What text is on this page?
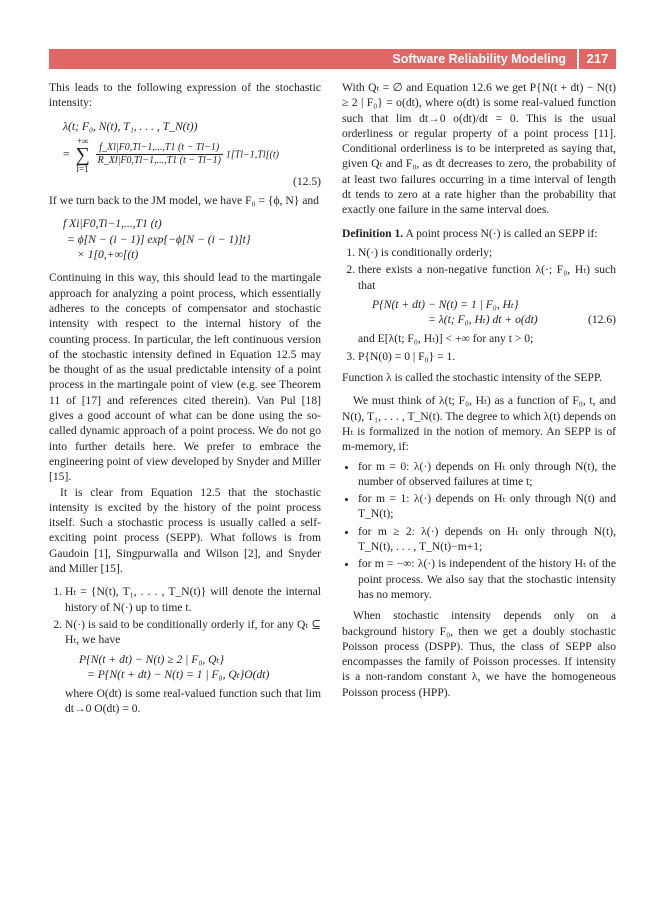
Software Reliability Modeling	217

This leads to the following expression of the stochastic intensity:

λ(t; F₀, N(t), T₁, . . . , T_N(t))
=
+∞
∑
l=1

$\frac{f\_Xl|F0,Tl-1,...,T1 (t - Tl-1)}{R\_Xl|F0,Tl-1,...,T1 (t - Tl-1)} 1[Tl-1,Tl[(t)$
(12.5)

If we turn back to the JM model, we have F₀ = {ϕ, N} and

f Xi|F0,Ti−1,...,T1 (t)
= ϕ[N − (i − 1)] exp{−ϕ[N − (i − 1)]t}
× 1[0,+∞[(t)

Continuing in this way, this should lead to the martingale approach for analyzing a point process, which essentially adheres to the concepts of compensator and stochastic intensity with respect to the internal history of the counting process. In particular, the left continuous version of the stochastic intensity defined in Equation 12.5 may be thought of as the usual predictable intensity of a point process in the martingale point of view (e.g. see Theorem 11 of [17] and references cited therein). Van Pul [18] gives a good account of what can be done using the so-called dynamic approach of a point process. We do not go into further details here. We prefer to embrace the engineering point of view developed by Snyder and Miller [15].

It is clear from Equation 12.5 that the stochastic intensity is excited by the history of the point process itself. Such a stochastic process is usually called a self-exciting point process (SEPP). What follows is from Gaudoin [1], Singpurwalla and Wilson [2], and Snyder and Miller [15].

1. Hₜ = {N(t), T₁, . . . , T_N(t)} will denote the internal history of N(·) up to time t.
2. N(·) is said to be conditionally orderly if, for any Qₜ ⊆ Hₜ, we have
P{N(t + dt) − N(t) ≥ 2 | F₀, Qₜ}
= P{N(t + dt) − N(t) = 1 | F₀, Qₜ}O(dt)
where O(dt) is some real-valued function such that lim dt→0 O(dt) = 0.

With Qₜ = ∅ and Equation 12.6 we get P{N(t + dt) − N(t) ≥ 2 | F₀} = o(dt), where o(dt) is some real-valued function such that lim dt→0 o(dt)/dt = 0. This is the usual orderliness or regular property of a point process [11]. Conditional orderliness is to be interpreted as saying that, given Qₜ and F₀, as dt decreases to zero, the probability of at least two failures occurring in a time interval of length dt tends to zero at a rate higher than the probability that exactly one failure in the same interval does.

Definition 1. A point process N(·) is called an SEPP if:

1. N(·) is conditionally orderly;
2. there exists a non-negative function λ(·; F₀, Hₜ) such that
P{N(t + dt) − N(t) = 1 | F₀, Hₜ}
= λ(t; F₀, Hₜ) dt + o(dt)	(12.6)
and E[λ(t; F₀, Hₜ)] < +∞ for any t > 0;
3. P{N(0) = 0 | F₀} = 1.

Function λ is called the stochastic intensity of the SEPP.

We must think of λ(t; F₀, Hₜ) as a function of F₀, t, and N(t), T₁, . . . , T_N(t). The degree to which λ(t) depends on Hₜ is formalized in the notion of memory. An SEPP is of m-memory, if:

• for m = 0: λ(·) depends on Hₜ only through N(t), the number of observed failures at time t;
• for m = 1: λ(·) depends on Hₜ only through N(t) and T_N(t);
• for m ≥ 2: λ(·) depends on Hₜ only through N(t), T_N(t), . . . , T_N(t)−m+1;
• for m = −∞: λ(·) is independent of the history Hₜ of the point process. We also say that the stochastic intensity has no memory.

When stochastic intensity depends only on a background history F₀, then we get a doubly stochastic Poisson process (DSPP). Thus, the class of SEPP also encompasses the family of Poisson processes. If intensity is a non-random constant λ, we have the homogeneous Poisson process (HPP).
